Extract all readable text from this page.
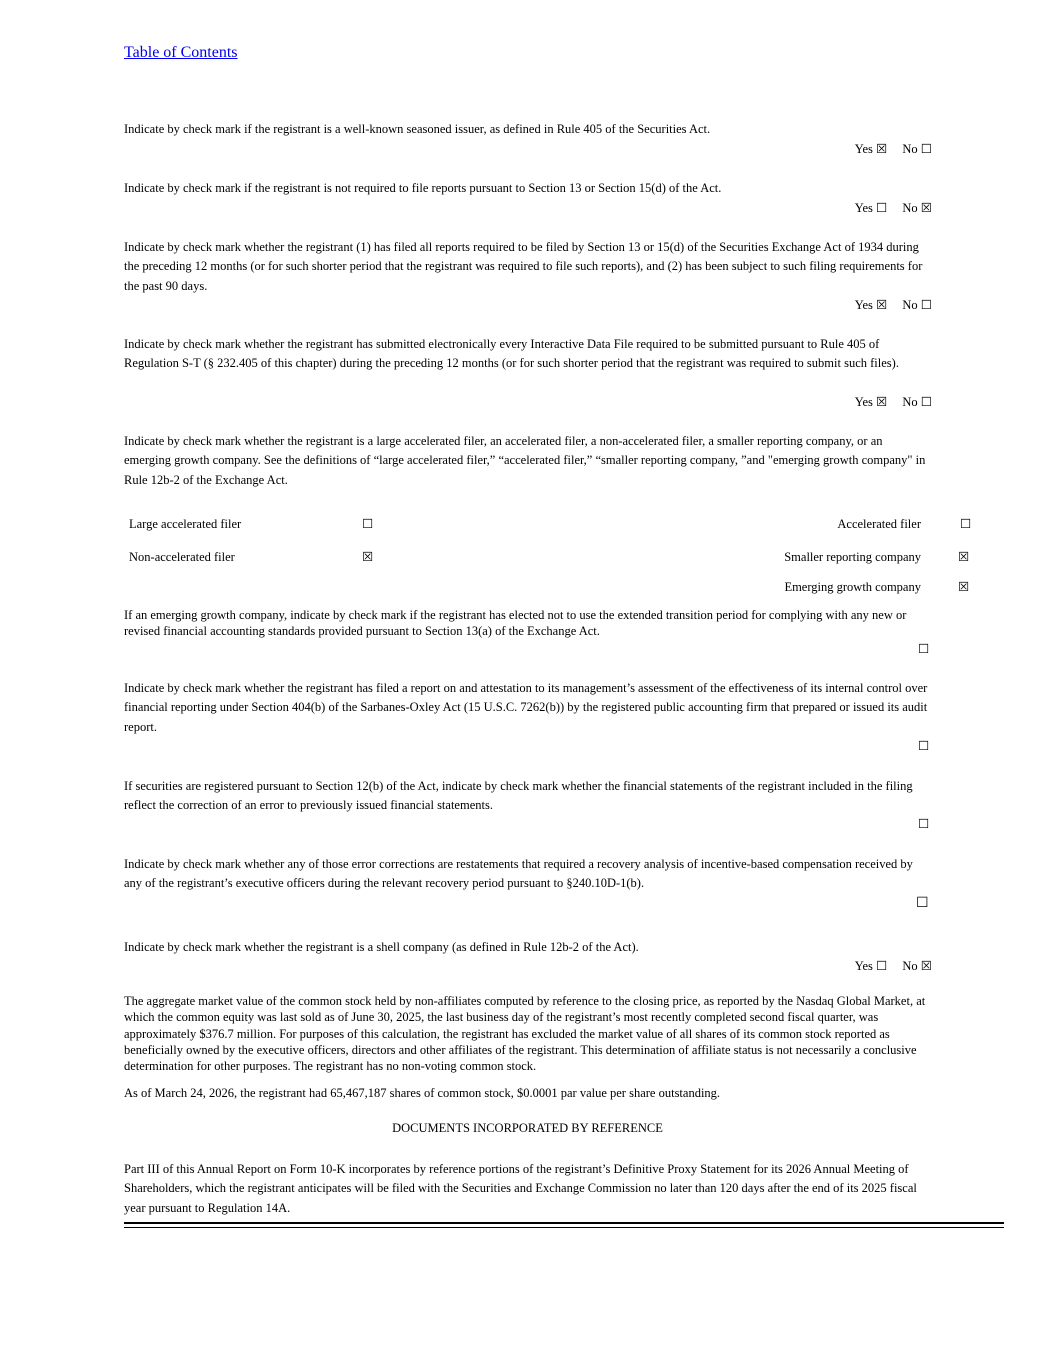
Table of Contents
Indicate by check mark if the registrant is a well-known seasoned issuer, as defined in Rule 405 of the Securities Act.
Yes ☒ No ☐
Indicate by check mark if the registrant is not required to file reports pursuant to Section 13 or Section 15(d) of the Act.
Yes ☐ No ☒
Indicate by check mark whether the registrant (1) has filed all reports required to be filed by Section 13 or 15(d) of the Securities Exchange Act of 1934 during the preceding 12 months (or for such shorter period that the registrant was required to file such reports), and (2) has been subject to such filing requirements for the past 90 days.
Yes ☒ No ☐
Indicate by check mark whether the registrant has submitted electronically every Interactive Data File required to be submitted pursuant to Rule 405 of Regulation S-T (§ 232.405 of this chapter) during the preceding 12 months (or for such shorter period that the registrant was required to submit such files).
Yes ☒ No ☐
Indicate by check mark whether the registrant is a large accelerated filer, an accelerated filer, a non-accelerated filer, a smaller reporting company, or an emerging growth company. See the definitions of “large accelerated filer,” “accelerated filer,” “smaller reporting company, ”and "emerging growth company" in Rule 12b-2 of the Exchange Act.
Large accelerated filer	☐	Accelerated filer	☐
Non-accelerated filer	☒	Smaller reporting company	☒
Emerging growth company	☒
If an emerging growth company, indicate by check mark if the registrant has elected not to use the extended transition period for complying with any new or revised financial accounting standards provided pursuant to Section 13(a) of the Exchange Act.
☐
Indicate by check mark whether the registrant has filed a report on and attestation to its management’s assessment of the effectiveness of its internal control over financial reporting under Section 404(b) of the Sarbanes-Oxley Act (15 U.S.C. 7262(b)) by the registered public accounting firm that prepared or issued its audit report.
☐
If securities are registered pursuant to Section 12(b) of the Act, indicate by check mark whether the financial statements of the registrant included in the filing reflect the correction of an error to previously issued financial statements.
☐
Indicate by check mark whether any of those error corrections are restatements that required a recovery analysis of incentive-based compensation received by any of the registrant’s executive officers during the relevant recovery period pursuant to §240.10D-1(b).
☐
Indicate by check mark whether the registrant is a shell company (as defined in Rule 12b-2 of the Act).
Yes ☐ No ☒
The aggregate market value of the common stock held by non-affiliates computed by reference to the closing price, as reported by the Nasdaq Global Market, at which the common equity was last sold as of June 30, 2025, the last business day of the registrant’s most recently completed second fiscal quarter, was approximately $376.7 million. For purposes of this calculation, the registrant has excluded the market value of all shares of its common stock reported as beneficially owned by the executive officers, directors and other affiliates of the registrant. This determination of affiliate status is not necessarily a conclusive determination for other purposes. The registrant has no non-voting common stock.
As of March 24, 2026, the registrant had 65,467,187 shares of common stock, $0.0001 par value per share outstanding.
DOCUMENTS INCORPORATED BY REFERENCE
Part III of this Annual Report on Form 10-K incorporates by reference portions of the registrant’s Definitive Proxy Statement for its 2026 Annual Meeting of Shareholders, which the registrant anticipates will be filed with the Securities and Exchange Commission no later than 120 days after the end of its 2025 fiscal year pursuant to Regulation 14A.
